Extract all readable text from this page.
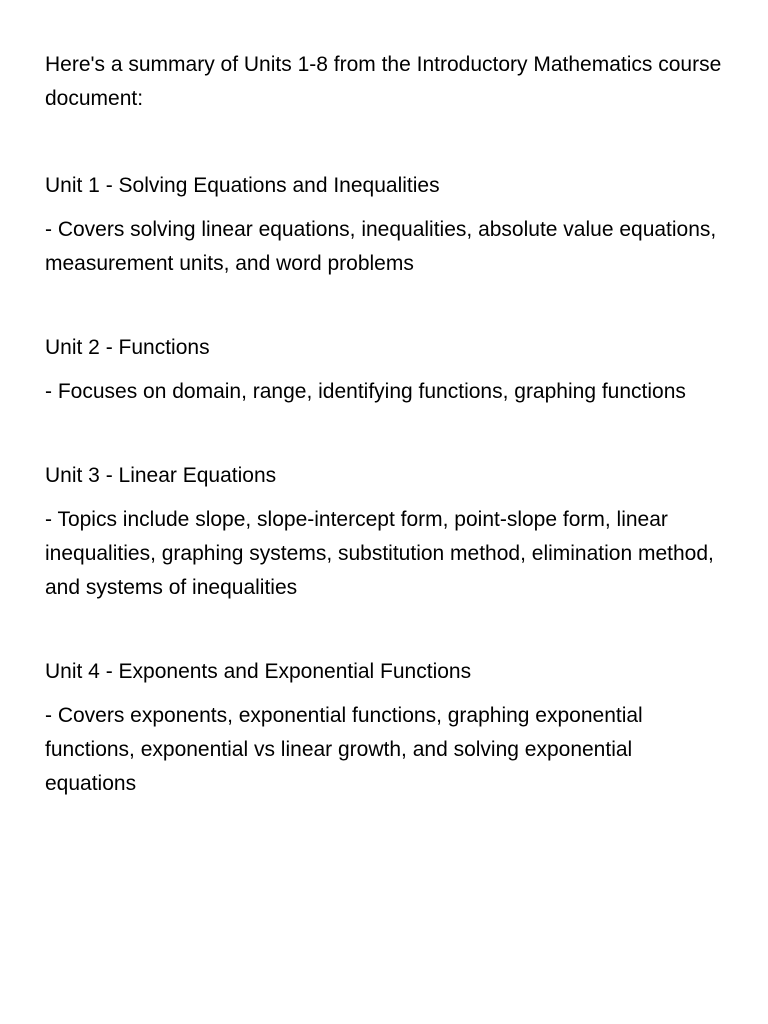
Here's a summary of Units 1-8 from the Introductory Mathematics course document:

Unit 1 - Solving Equations and Inequalities

- Covers solving linear equations, inequalities, absolute value equations, measurement units, and word problems

Unit 2 - Functions

- Focuses on domain, range, identifying functions, graphing functions

Unit 3 - Linear Equations

- Topics include slope, slope-intercept form, point-slope form, linear inequalities, graphing systems, substitution method, elimination method, and systems of inequalities

Unit 4 - Exponents and Exponential Functions

- Covers exponents, exponential functions, graphing exponential functions, exponential vs linear growth, and solving exponential equations
